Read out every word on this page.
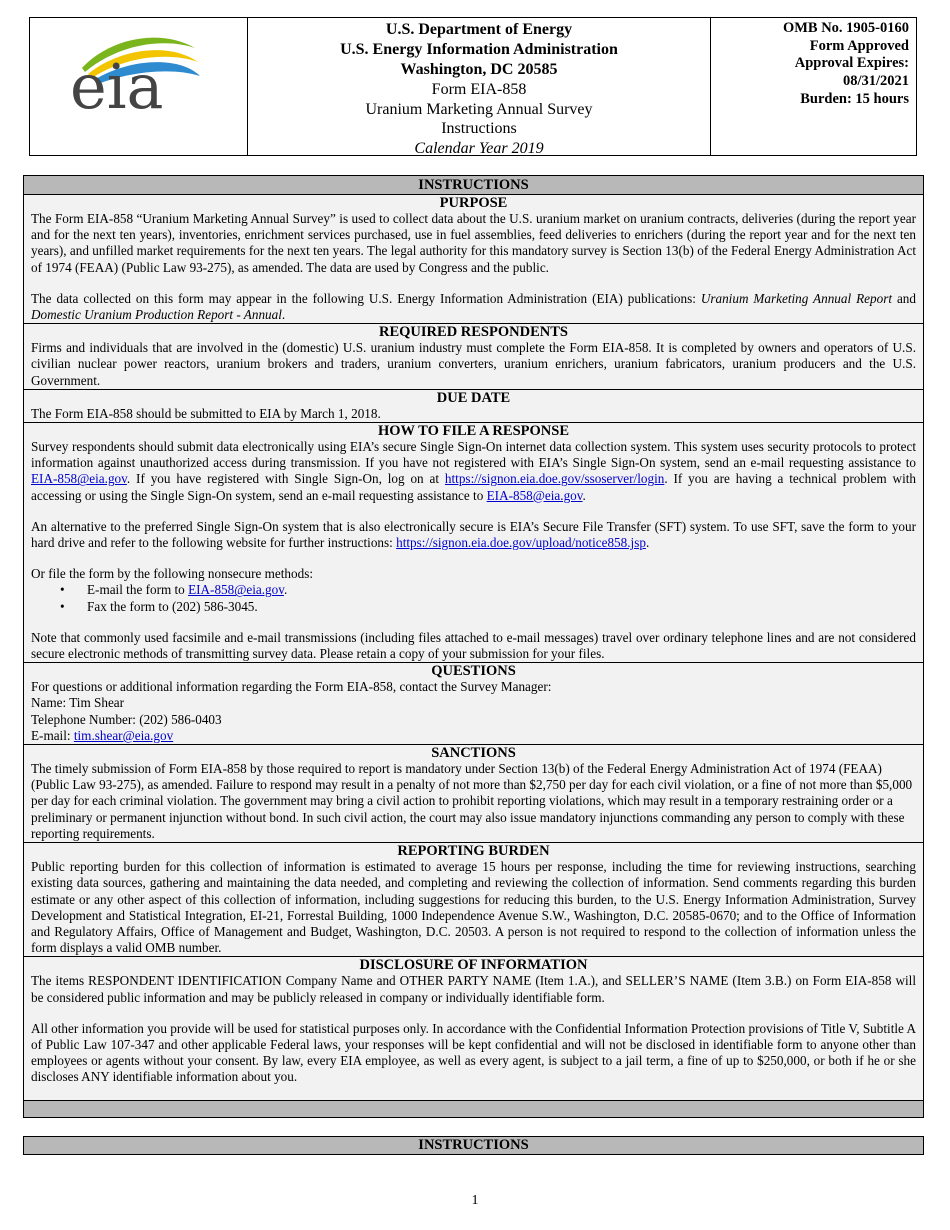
eia
U.S. Department of Energy
U.S. Energy Information Administration
Washington, DC 20585
Form EIA-858
Uranium Marketing Annual Survey
Instructions
Calendar Year 2019
OMB No. 1905-0160
Form Approved
Approval Expires:
08/31/2021
Burden: 15 hours
INSTRUCTIONS
PURPOSE

The Form EIA-858 “Uranium Marketing Annual Survey” is used to collect data about the U.S. uranium market on uranium contracts, deliveries (during the report year and for the next ten years), inventories, enrichment services purchased, use in fuel assemblies, feed deliveries to enrichers (during the report year and for the next ten years), and unfilled market requirements for the next ten years. The legal authority for this mandatory survey is Section 13(b) of the Federal Energy Administration Act of 1974 (FEAA) (Public Law 93-275), as amended. The data are used by Congress and the public.

The data collected on this form may appear in the following U.S. Energy Information Administration (EIA) publications: Uranium Marketing Annual Report and Domestic Uranium Production Report - Annual.

REQUIRED RESPONDENTS

Firms and individuals that are involved in the (domestic) U.S. uranium industry must complete the Form EIA-858. It is completed by owners and operators of U.S. civilian nuclear power reactors, uranium brokers and traders, uranium converters, uranium enrichers, uranium fabricators, uranium producers and the U.S. Government.

DUE DATE

The Form EIA-858 should be submitted to EIA by March 1, 2018.

HOW TO FILE A RESPONSE

Survey respondents should submit data electronically using EIA’s secure Single Sign-On internet data collection system. This system uses security protocols to protect information against unauthorized access during transmission. If you have not registered with EIA’s Single Sign-On system, send an e-mail requesting assistance to EIA-858@eia.gov. If you have registered with Single Sign-On, log on at https://signon.eia.doe.gov/ssoserver/login. If you are having a technical problem with accessing or using the Single Sign-On system, send an e-mail requesting assistance to EIA-858@eia.gov.

An alternative to the preferred Single Sign-On system that is also electronically secure is EIA’s Secure File Transfer (SFT) system. To use SFT, save the form to your hard drive and refer to the following website for further instructions: https://signon.eia.doe.gov/upload/notice858.jsp.

Or file the form by the following nonsecure methods:

• E-mail the form to EIA-858@eia.gov.
• Fax the form to (202) 586-3045.

Note that commonly used facsimile and e-mail transmissions (including files attached to e-mail messages) travel over ordinary telephone lines and are not considered secure electronic methods of transmitting survey data. Please retain a copy of your submission for your files.

QUESTIONS

For questions or additional information regarding the Form EIA-858, contact the Survey Manager:

Name: Tim Shear

Telephone Number: (202) 586-0403

E-mail: tim.shear@eia.gov

SANCTIONS

The timely submission of Form EIA-858 by those required to report is mandatory under Section 13(b) of the Federal Energy Administration Act of 1974 (FEAA) (Public Law 93-275), as amended. Failure to respond may result in a penalty of not more than $2,750 per day for each civil violation, or a fine of not more than $5,000 per day for each criminal violation. The government may bring a civil action to prohibit reporting violations, which may result in a temporary restraining order or a preliminary or permanent injunction without bond. In such civil action, the court may also issue mandatory injunctions commanding any person to comply with these reporting requirements.

REPORTING BURDEN

Public reporting burden for this collection of information is estimated to average 15 hours per response, including the time for reviewing instructions, searching existing data sources, gathering and maintaining the data needed, and completing and reviewing the collection of information. Send comments regarding this burden estimate or any other aspect of this collection of information, including suggestions for reducing this burden, to the U.S. Energy Information Administration, Survey Development and Statistical Integration, EI-21, Forrestal Building, 1000 Independence Avenue S.W., Washington, D.C. 20585-0670; and to the Office of Information and Regulatory Affairs, Office of Management and Budget, Washington, D.C. 20503. A person is not required to respond to the collection of information unless the form displays a valid OMB number.

DISCLOSURE OF INFORMATION

The items RESPONDENT IDENTIFICATION Company Name and OTHER PARTY NAME (Item 1.A.), and SELLER’S NAME (Item 3.B.) on Form EIA-858 will be considered public information and may be publicly released in company or individually identifiable form.

All other information you provide will be used for statistical purposes only. In accordance with the Confidential Information Protection provisions of Title V, Subtitle A of Public Law 107-347 and other applicable Federal laws, your responses will be kept confidential and will not be disclosed in identifiable form to anyone other than employees or agents without your consent. By law, every EIA employee, as well as every agent, is subject to a jail term, a fine of up to $250,000, or both if he or she discloses ANY identifiable information about you.

INSTRUCTIONS
1
